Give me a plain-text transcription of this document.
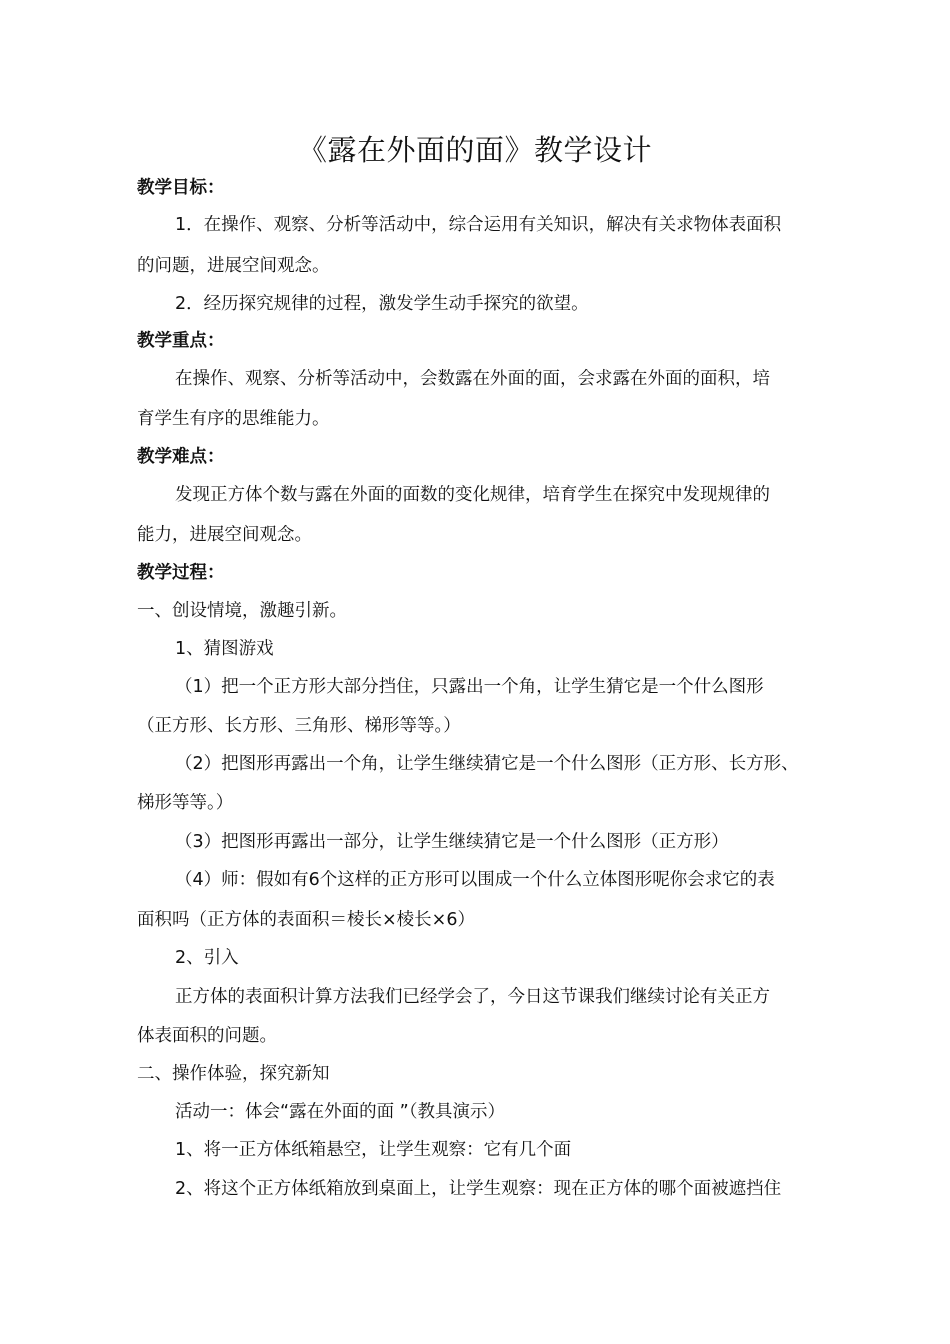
《露在外面的面》教学设计
教学目标：
1．在操作、观察、分析等活动中，综合运用有关知识，解决有关求物体表面积
的问题，进展空间观念。
2．经历探究规律的过程，激发学生动手探究的欲望。
教学重点：
在操作、观察、分析等活动中，会数露在外面的面，会求露在外面的面积，培
育学生有序的思维能力。
教学难点：
发现正方体个数与露在外面的面数的变化规律，培育学生在探究中发现规律的
能力，进展空间观念。
教学过程：
一、创设情境，激趣引新。
1、猜图游戏
（1）把一个正方形大部分挡住，只露出一个角，让学生猜它是一个什么图形
（正方形、长方形、三角形、梯形等等。）
（2）把图形再露出一个角，让学生继续猜它是一个什么图形（正方形、长方形、
梯形等等。）
（3）把图形再露出一部分，让学生继续猜它是一个什么图形（正方形）
（4）师：假如有6个这样的正方形可以围成一个什么立体图形呢你会求它的表
面积吗（正方体的表面积＝棱长×棱长×6）
2、引入
正方体的表面积计算方法我们已经学会了，今日这节课我们继续讨论有关正方
体表面积的问题。
二、操作体验，探究新知
活动一：体会“露在外面的面 ”（教具演示）
1、将一正方体纸箱悬空，让学生观察：它有几个面
2、将这个正方体纸箱放到桌面上，让学生观察：现在正方体的哪个面被遮挡住
